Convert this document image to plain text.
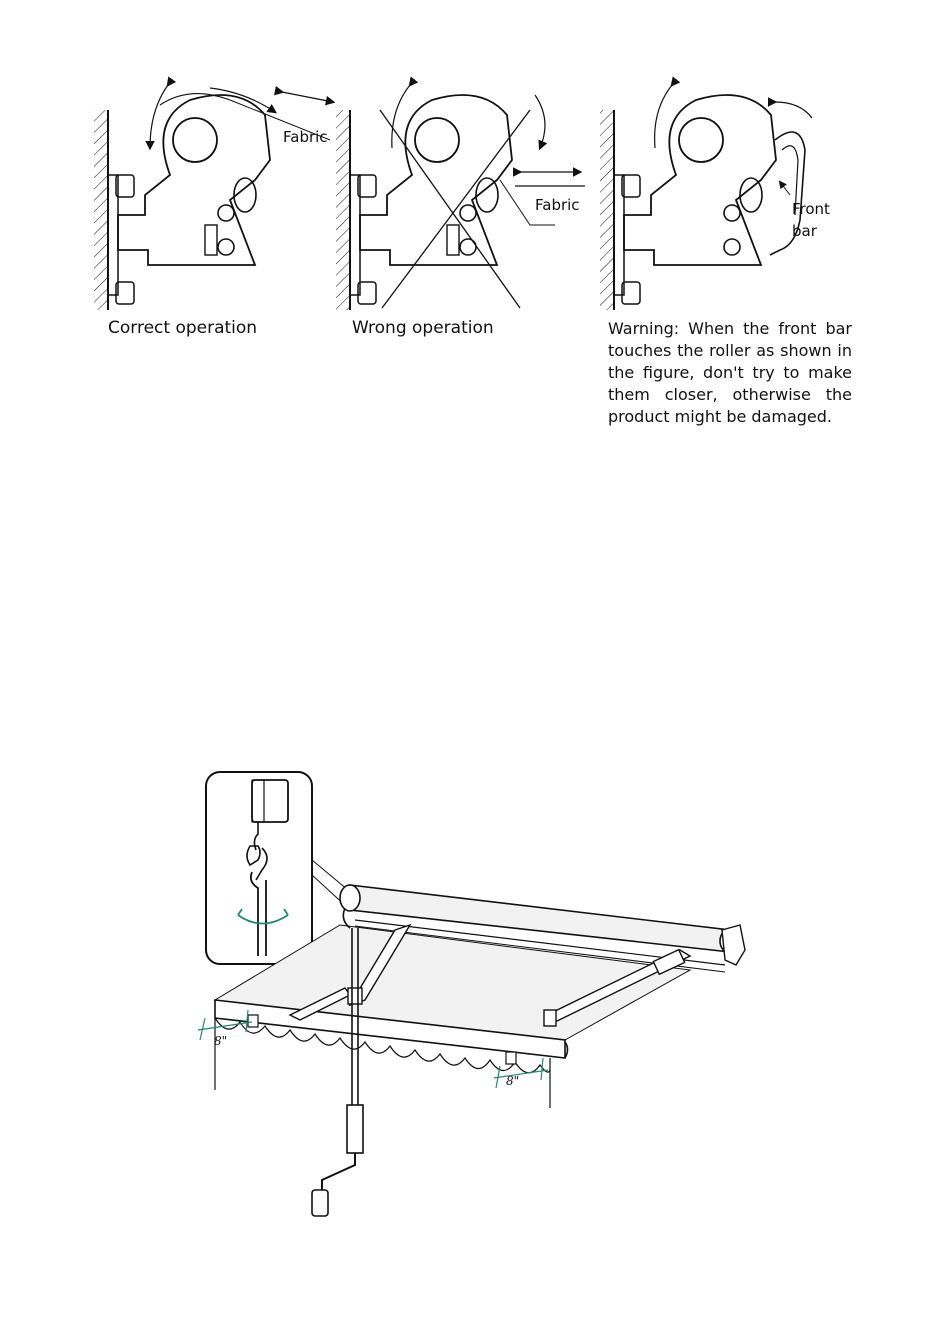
Fabric
Fabric	Front
bar
Correct operation	Wrong operation	Warning: When the front bar touches the roller as shown in the figure, don't try to make them closer, otherwise the product might be damaged.
8"
8"
